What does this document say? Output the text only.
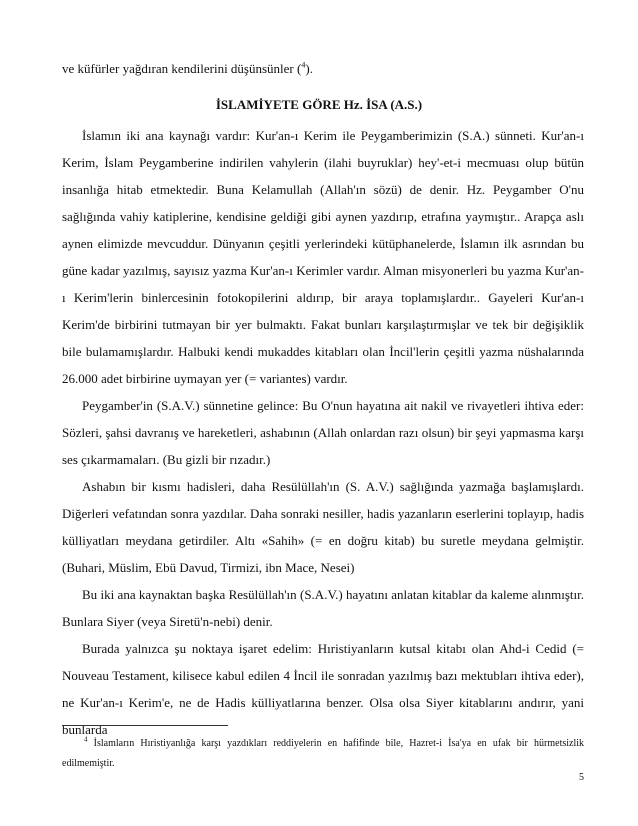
ve küfürler yağdıran kendilerini düşünsünler ($^4$).
İSLAMİYETE GÖRE Hz. İSA (A.S.)

İslamın iki ana kaynağı vardır: Kur'an-ı Kerim ile Peygamberimizin (S.A.) sünneti. Kur'an-ı Kerim, İslam Peygamberine indirilen vahylerin (ilahi buyruklar) hey'-et-i mecmuası olup bütün insanlığa hitab etmektedir. Buna Kelamullah (Allah'ın sözü) de denir. Hz. Peygamber O'nu sağlığında vahiy katiplerine, kendisine geldiği gibi aynen yazdırıp, etrafına yaymıştır.. Arapça aslı aynen elimizde mevcuddur. Dünyanın çeşitli yerlerindeki kütüphanelerde, İslamın ilk asrından bu güne kadar yazılmış, sayısız yazma Kur'an-ı Kerimler vardır. Alman misyonerleri bu yazma Kur'an-ı Kerim'lerin binlercesinin fotokopilerini aldırıp, bir araya toplamışlardır.. Gayeleri Kur'an-ı Kerim'de birbirini tutmayan bir yer bulmaktı. Fakat bunları karşılaştırmışlar ve tek bir değişiklik bile bulamamışlardır. Halbuki kendi mukaddes kitabları olan İncil'lerin çeşitli yazma nüshalarında 26.000 adet birbirine uymayan yer (= variantes) vardır.

Peygamber'in (S.A.V.) sünnetine gelince: Bu O'nun hayatına ait nakil ve rivayetleri ihtiva eder: Sözleri, şahsi davranış ve hareketleri, ashabının (Allah onlardan razı olsun) bir şeyi yapmasma karşı ses çıkarmamaları. (Bu gizli bir rızadır.)

Ashabın bir kısmı hadisleri, daha Resülüllah'ın (S. A.V.) sağlığında yazmağa başlamışlardı. Diğerleri vefatından sonra yazdılar. Daha sonraki nesiller, hadis yazanların eserlerini toplayıp, hadis külliyatları meydana getirdiler. Altı «Sahih» (= en doğru kitab) bu suretle meydana gelmiştir. (Buhari, Müslim, Ebü Davud, Tirmizi, ibn Mace, Nesei)

Bu iki ana kaynaktan başka Resülüllah'ın (S.A.V.) hayatını anlatan kitablar da kaleme alınmıştır. Bunlara Siyer (veya Siretü'n-nebi) denir.

Burada yalnızca şu noktaya işaret edelim: Hıristiyanların kutsal kitabı olan Ahd-i Cedid (= Nouveau Testament, kilisece kabul edilen 4 İncil ile sonradan yazılmış bazı mektubları ihtiva eder), ne Kur'an-ı Kerim'e, ne de Hadis külliyatlarına benzer. Olsa olsa Siyer kitablarını andırır, yani bunlarda

$^4$ İslamların Hıristiyanlığa karşı yazdıkları reddiyelerin en hafifinde bile, Hazret-i İsa'ya en ufak bir hürmetsizlik edilmemiştir.
5
